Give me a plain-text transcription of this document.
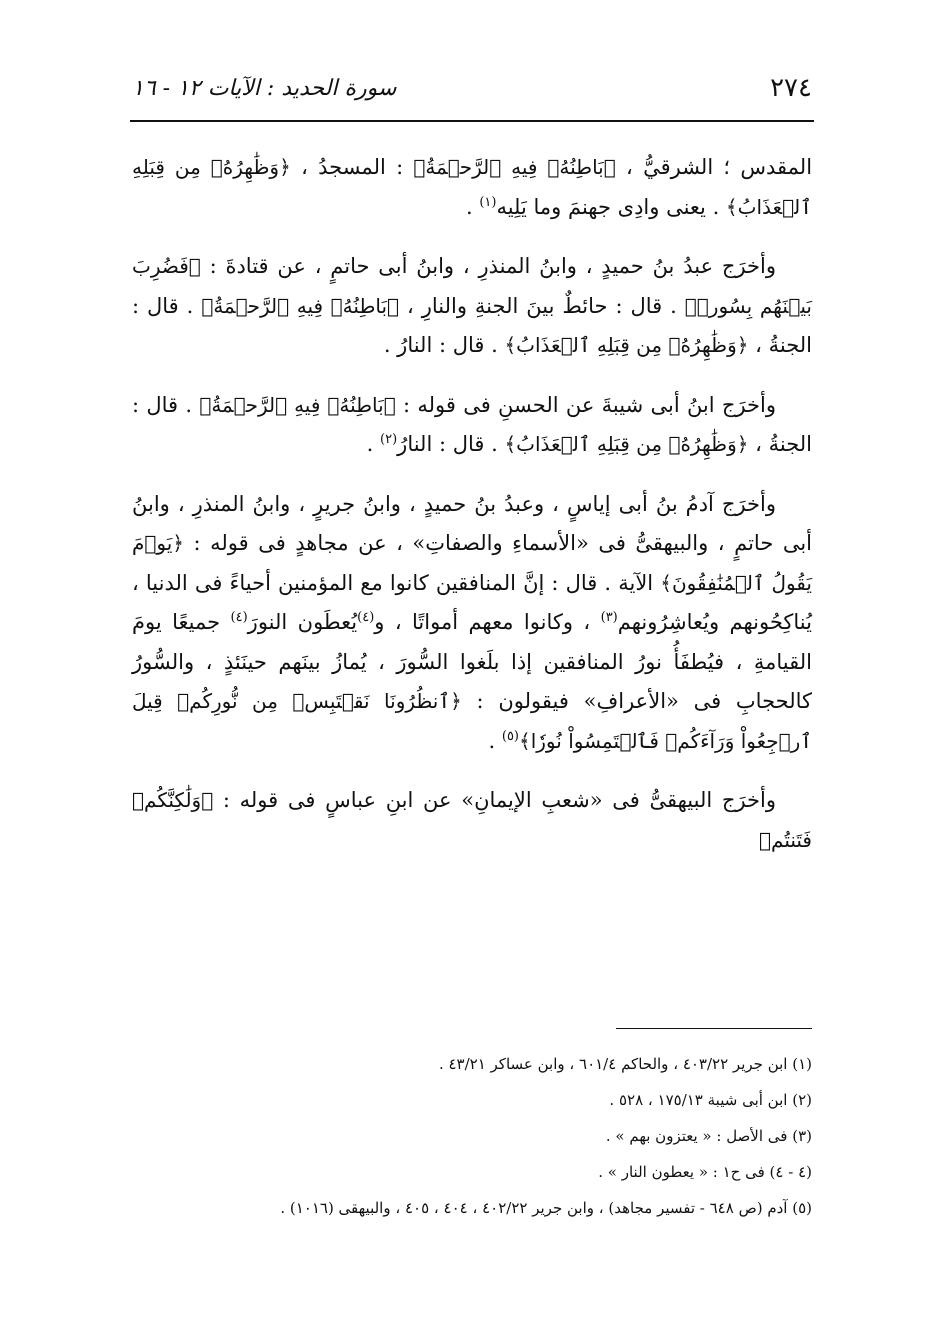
٢٧٤
سورة الحديد : الآيات ١٢ - ١٦

المقدس ؛ الشرقيُّ ، ﴿بَاطِنُهُۥ فِيهِ ٱلرَّحۡمَةُ﴾ : المسجدُ ، ﴿وَظَٰهِرُهُۥ مِن قِبَلِهِ ٱلۡعَذَابُ﴾ . يعنى وادِى جهنمَ وما يَلِيه$^{(١)}$ .

وأخرَج عبدُ بنُ حميدٍ ، وابنُ المنذرِ ، وابنُ أبى حاتمٍ ، عن قتادةَ : ﴿فَضُرِبَ بَيۡنَهُم بِسُورٖ﴾ . قال : حائطٌ بينَ الجنةِ والنارِ ، ﴿بَاطِنُهُۥ فِيهِ ٱلرَّحۡمَةُ﴾ . قال : الجنةُ ، ﴿وَظَٰهِرُهُۥ مِن قِبَلِهِ ٱلۡعَذَابُ﴾ . قال : النارُ .

وأخرَج ابنُ أبى شيبةَ عن الحسنِ فى قوله : ﴿بَاطِنُهُۥ فِيهِ ٱلرَّحۡمَةُ﴾ . قال : الجنةُ ، ﴿وَظَٰهِرُهُۥ مِن قِبَلِهِ ٱلۡعَذَابُ﴾ . قال : النارُ$^{(٢)}$ .

وأخرَج آدمُ بنُ أبى إياسٍ ، وعبدُ بنُ حميدٍ ، وابنُ جريرٍ ، وابنُ المنذرِ ، وابنُ أبى حاتمٍ ، والبيهقىُّ فى «الأسماءِ والصفاتِ» ، عن مجاهدٍ فى قوله : ﴿يَوۡمَ يَقُولُ ٱلۡمُنَٰفِقُونَ﴾ الآية . قال : إنَّ المنافقين كانوا مع المؤمنين أحياءً فى الدنيا ، يُناكِحُونهم ويُعاشِرُونهم$^{(٣)}$ ، وكانوا معهم أمواتًا ، و$^{(٤)}$يُعطَون النورَ$^{(٤)}$ جميعًا يومَ القيامةِ ، فيُطفَأُ نورُ المنافقين إذا بلَغوا السُّورَ ، يُمازُ بينَهم حينَئذٍ ، والسُّورُ كالحجابِ فى «الأعرافِ» فيقولون : ﴿ٱنظُرُونَا نَقۡتَبِسۡ مِن نُّورِكُمۡ قِيلَ ٱرۡجِعُواْ وَرَآءَكُمۡ فَٱلۡتَمِسُواْ نُورٗا﴾$^{(٥)}$ .

وأخرَج البيهقىُّ فى «شعبِ الإيمانِ» عن ابنِ عباسٍ فى قوله : ﴿وَلَٰكِنَّكُمۡ فَتَنتُمۡ

(١) ابن جرير ٤٠٣/٢٢ ، والحاكم ٦٠١/٤ ، وابن عساكر ٤٣/٢١ .

(٢) ابن أبى شيبة ١٧٥/١٣ ، ٥٢٨ .

(٣) فى الأصل : « يعتزون بهم » .

(٤ - ٤) فى ح١ : « يعطون النار » .

(٥) آدم (ص ٦٤٨ - تفسير مجاهد) ، وابن جرير ٤٠٢/٢٢ ، ٤٠٤ ، ٤٠٥ ، والبيهقى (١٠١٦) .
